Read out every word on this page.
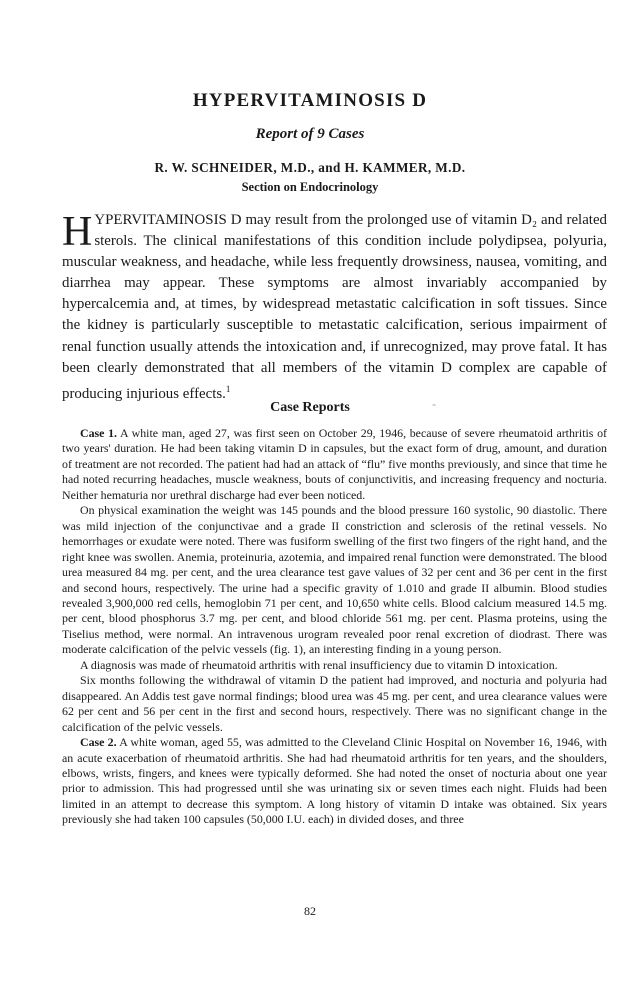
HYPERVITAMINOSIS D
Report of 9 Cases
R. W. SCHNEIDER, M.D., and H. KAMMER, M.D.
Section on Endocrinology
HYPERVITAMINOSIS D may result from the prolonged use of vitamin D₂ and related sterols. The clinical manifestations of this condition include polydipsea, polyuria, muscular weakness, and headache, while less frequently drowsiness, nausea, vomiting, and diarrhea may appear. These symptoms are almost invariably accompanied by hypercalcemia and, at times, by widespread metastatic calcification in soft tissues. Since the kidney is particularly susceptible to metastatic calcification, serious impairment of renal function usually attends the intoxication and, if unrecognized, may prove fatal. It has been clearly demonstrated that all members of the vitamin D complex are capable of producing injurious effects.$^1$
Case Reports	⁼

Case 1. A white man, aged 27, was first seen on October 29, 1946, because of severe rheumatoid arthritis of two years' duration. He had been taking vitamin D in capsules, but the exact form of drug, amount, and duration of treatment are not recorded. The patient had had an attack of “flu” five months previously, and since that time he had noted recurring headaches, muscle weakness, bouts of conjunctivitis, and increasing frequency and nocturia. Neither hematuria nor urethral discharge had ever been noticed.

On physical examination the weight was 145 pounds and the blood pressure 160 systolic, 90 diastolic. There was mild injection of the conjunctivae and a grade II constriction and sclerosis of the retinal vessels. No hemorrhages or exudate were noted. There was fusiform swelling of the first two fingers of the right hand, and the right knee was swollen. Anemia, proteinuria, azotemia, and impaired renal function were demonstrated. The blood urea measured 84 mg. per cent, and the urea clearance test gave values of 32 per cent and 36 per cent in the first and second hours, respectively. The urine had a specific gravity of 1.010 and grade II albumin. Blood studies revealed 3,900,000 red cells, hemoglobin 71 per cent, and 10,650 white cells. Blood calcium measured 14.5 mg. per cent, blood phosphorus 3.7 mg. per cent, and blood chloride 561 mg. per cent. Plasma proteins, using the Tiselius method, were normal. An intravenous urogram revealed poor renal excretion of diodrast. There was moderate calcification of the pelvic vessels (fig. 1), an interesting finding in a young person.

A diagnosis was made of rheumatoid arthritis with renal insufficiency due to vitamin D intoxication.

Six months following the withdrawal of vitamin D the patient had improved, and nocturia and polyuria had disappeared. An Addis test gave normal findings; blood urea was 45 mg. per cent, and urea clearance values were 62 per cent and 56 per cent in the first and second hours, respectively. There was no significant change in the calcification of the pelvic vessels.

Case 2. A white woman, aged 55, was admitted to the Cleveland Clinic Hospital on November 16, 1946, with an acute exacerbation of rheumatoid arthritis. She had had rheumatoid arthritis for ten years, and the shoulders, elbows, wrists, fingers, and knees were typically deformed. She had noted the onset of nocturia about one year prior to admission. This had progressed until she was urinating six or seven times each night. Fluids had been limited in an attempt to decrease this symptom. A long history of vitamin D intake was obtained. Six years previously she had taken 100 capsules (50,000 I.U. each) in divided doses, and three

82
